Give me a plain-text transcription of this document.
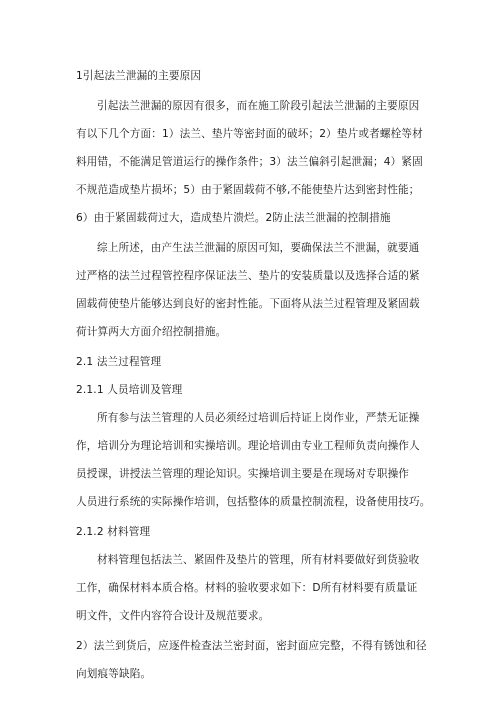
1引起法兰泄漏的主要原因
引起法兰泄漏的原因有很多，而在施工阶段引起法兰泄漏的主要原因
有以下几个方面：1）法兰、垫片等密封面的破坏；2）垫片或者螺栓等材
料用错，不能满足管道运行的操作条件；3）法兰偏斜引起泄漏；4）紧固
不规范造成垫片损坏；5）由于紧固载荷不够,不能使垫片达到密封性能；
6）由于紧固载荷过大，造成垫片溃烂。2防止法兰泄漏的控制措施
综上所述，由产生法兰泄漏的原因可知，要确保法兰不泄漏，就要通
过严格的法兰过程管控程序保证法兰、垫片的安装质量以及选择合适的紧
固载荷使垫片能够达到良好的密封性能。下面将从法兰过程管理及紧固载
荷计算两大方面介绍控制措施。
2.1 法兰过程管理
2.1.1 人员培训及管理
所有参与法兰管理的人员必须经过培训后持证上岗作业，严禁无证操
作，培训分为理论培训和实操培训。理论培训由专业工程师负责向操作人
员授课，讲授法兰管理的理论知识。实操培训主要是在现场对专职操作
人员进行系统的实际操作培训，包括整体的质量控制流程，设备使用技巧。
2.1.2 材料管理
材料管理包括法兰、紧固件及垫片的管理，所有材料要做好到货验收
工作，确保材料本质合格。材料的验收要求如下：D所有材料要有质量证
明文件，文件内容符合设计及规范要求。
2）法兰到货后，应逐件检查法兰密封面，密封面应完整，不得有锈蚀和径
向划痕等缺陷。
